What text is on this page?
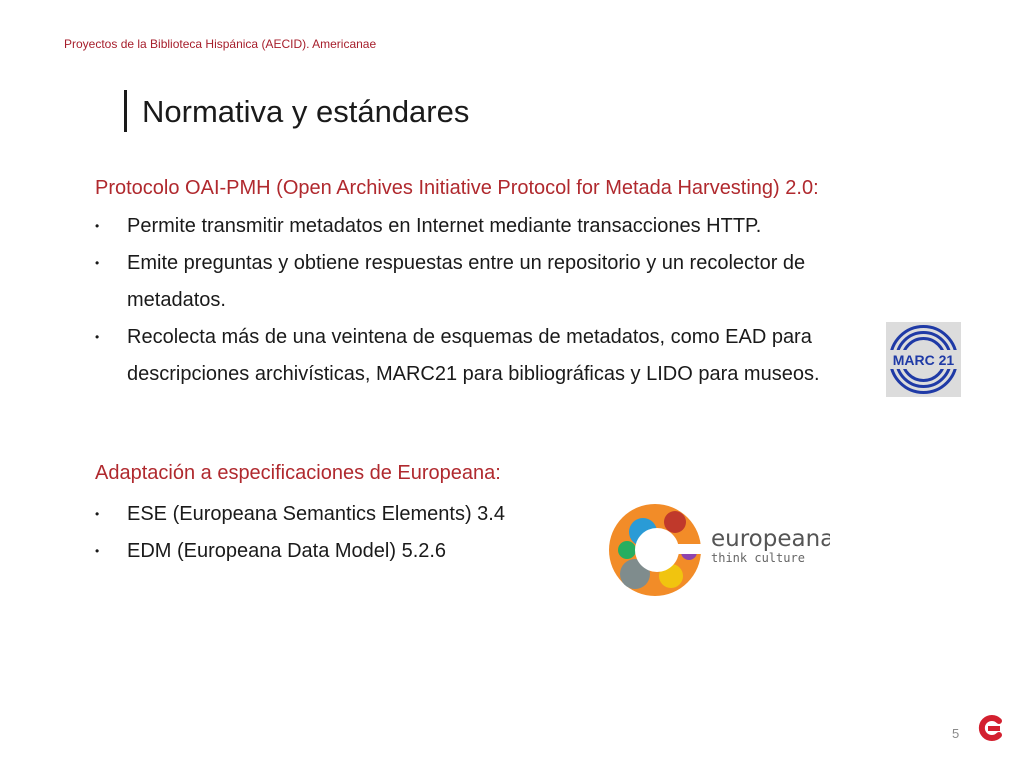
Proyectos de la Biblioteca Hispánica (AECID). Americanae
Normativa y estándares
Protocolo OAI-PMH (Open Archives Initiative Protocol for Metada Harvesting) 2.0:
• Permite transmitir metadatos en Internet mediante transacciones HTTP.
• Emite preguntas y obtiene respuestas entre un repositorio y un recolector de metadatos.
• Recolecta más de una veintena de esquemas de metadatos, como EAD para descripciones archivísticas, MARC21 para bibliográficas y LIDO para museos.
MARC 21
Adaptación a especificaciones de Europeana:
• ESE (Europeana Semantics Elements) 3.4
• EDM (Europeana Data Model) 5.2.6	europeana
think culture
5
